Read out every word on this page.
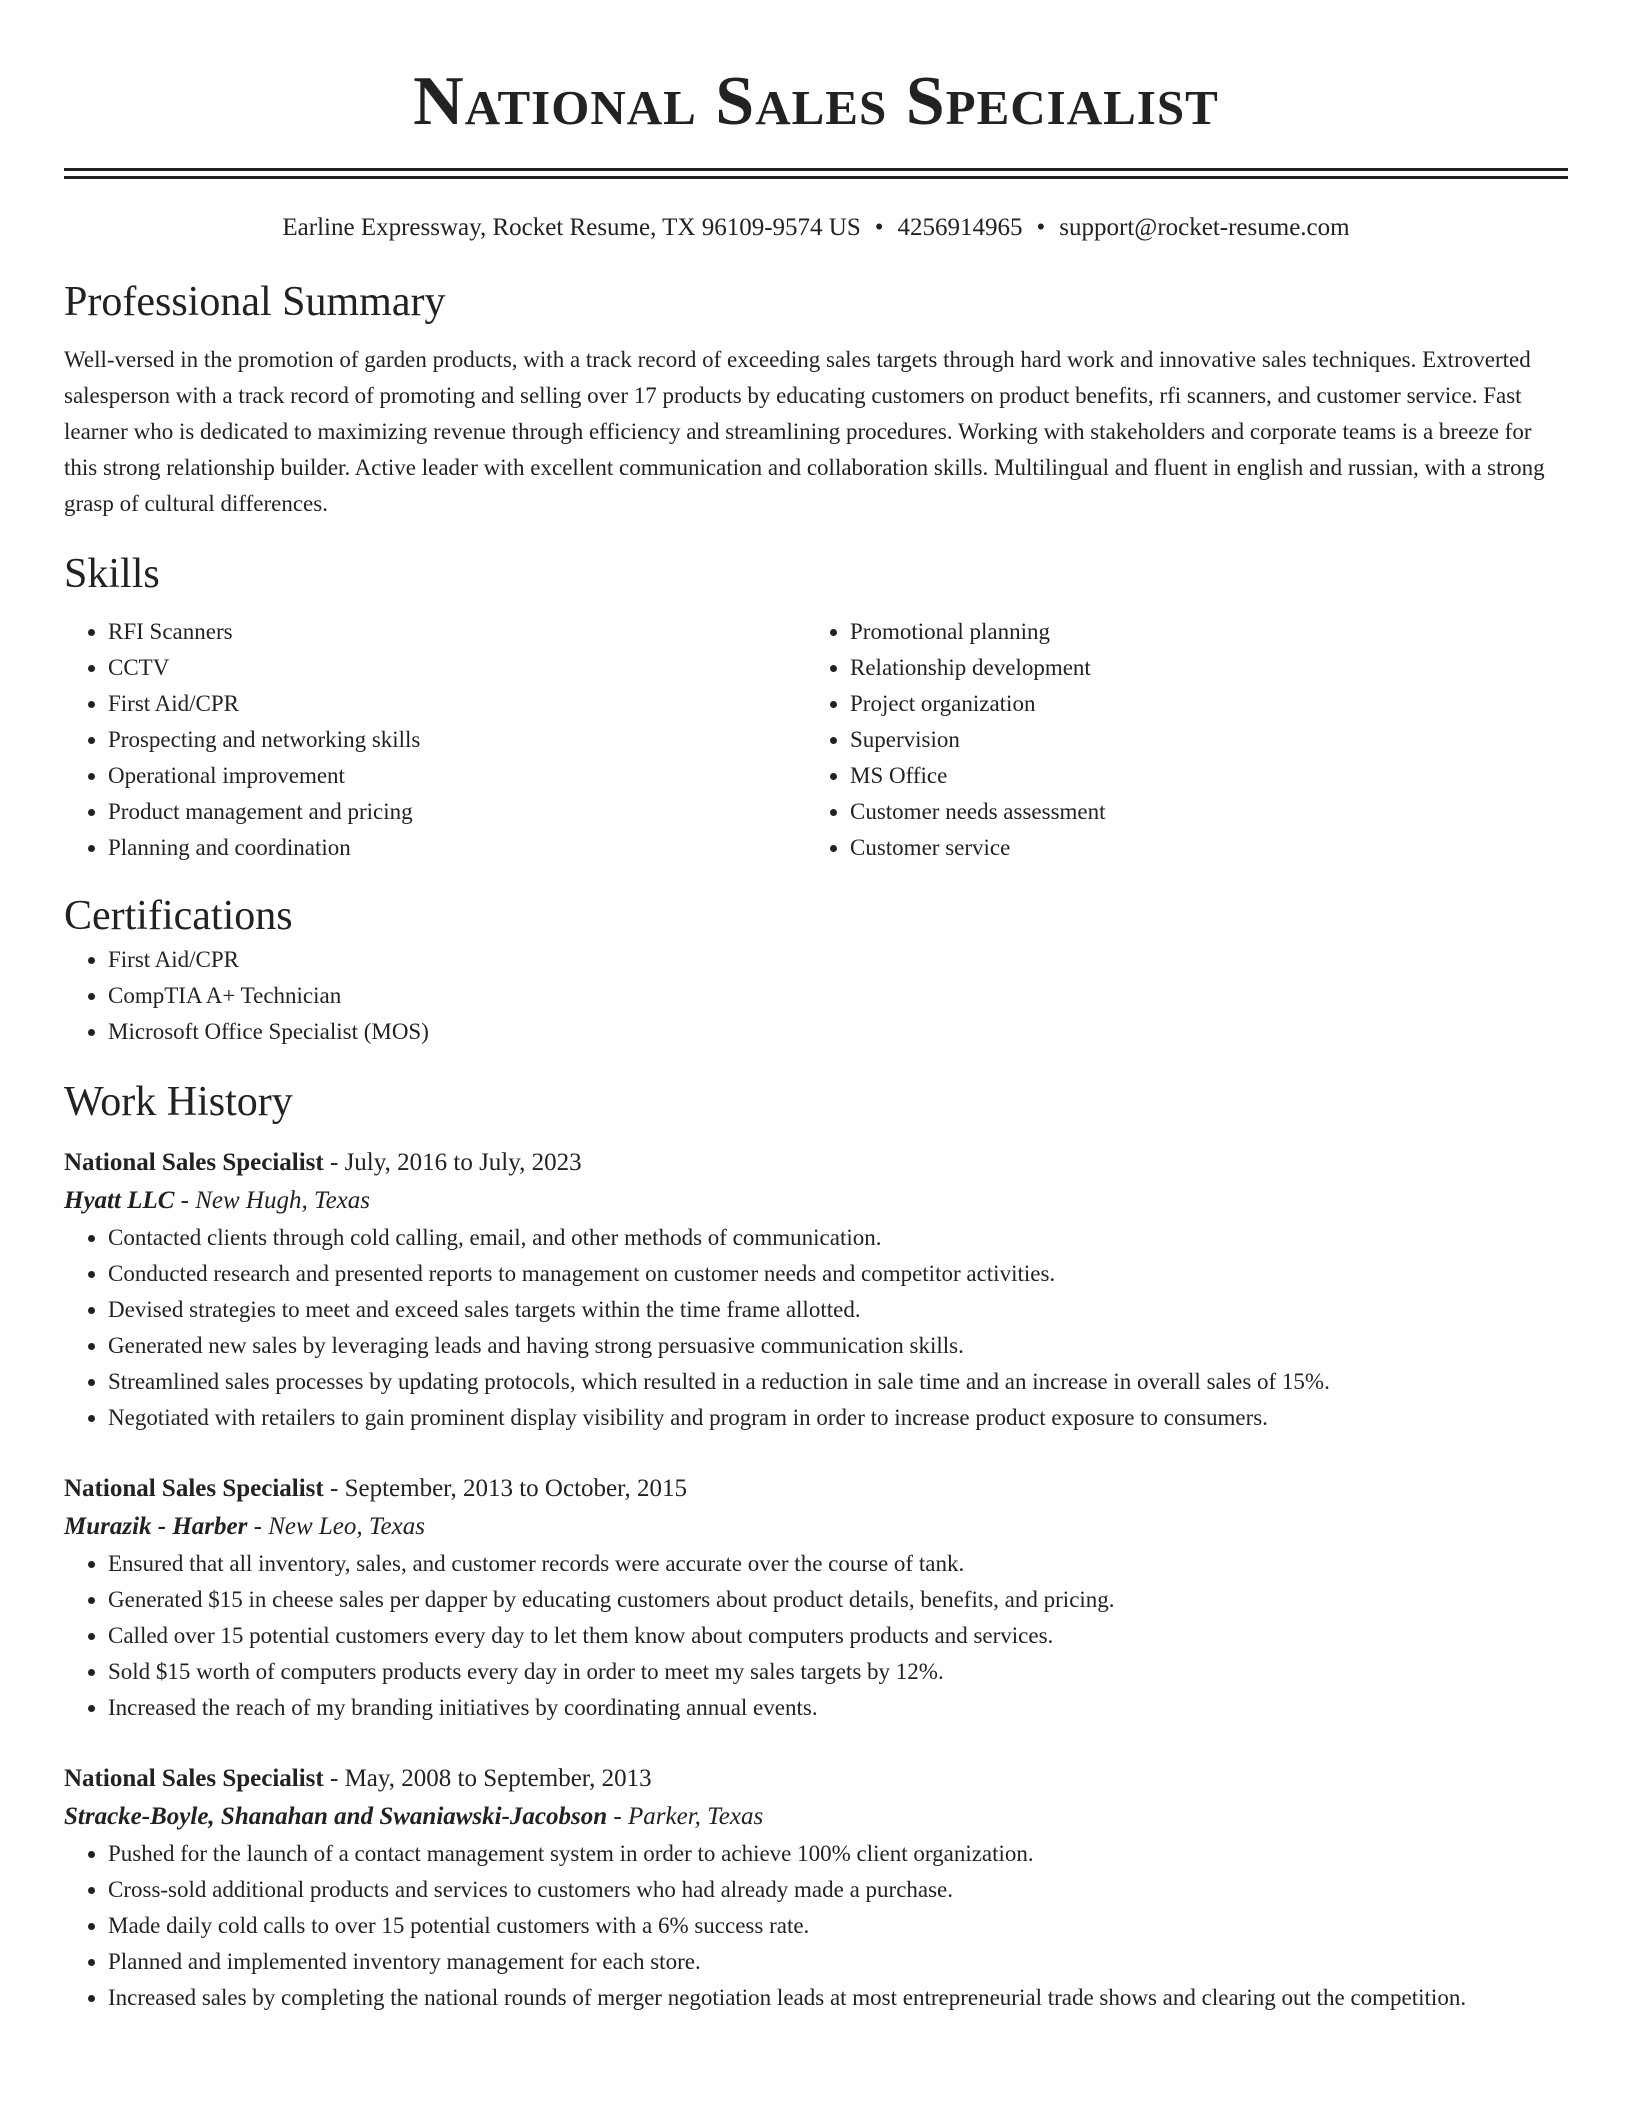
National Sales Specialist
Earline Expressway, Rocket Resume, TX 96109-9574 US • 4256914965 • support@rocket-resume.com
Professional Summary

Well-versed in the promotion of garden products, with a track record of exceeding sales targets through hard work and innovative sales techniques. Extroverted salesperson with a track record of promoting and selling over 17 products by educating customers on product benefits, rfi scanners, and customer service. Fast learner who is dedicated to maximizing revenue through efficiency and streamlining procedures. Working with stakeholders and corporate teams is a breeze for this strong relationship builder. Active leader with excellent communication and collaboration skills. Multilingual and fluent in english and russian, with a strong grasp of cultural differences.

Skills
• RFI Scanners
• CCTV
• First Aid/CPR
• Prospecting and networking skills
• Operational improvement
• Product management and pricing
• Planning and coordination
• Promotional planning
• Relationship development
• Project organization
• Supervision
• MS Office
• Customer needs assessment
• Customer service
Certifications
• First Aid/CPR
• CompTIA A+ Technician
• Microsoft Office Specialist (MOS)
Work History
National Sales Specialist - July, 2016 to July, 2023
Hyatt LLC - New Hugh, Texas
• Contacted clients through cold calling, email, and other methods of communication.
• Conducted research and presented reports to management on customer needs and competitor activities.
• Devised strategies to meet and exceed sales targets within the time frame allotted.
• Generated new sales by leveraging leads and having strong persuasive communication skills.
• Streamlined sales processes by updating protocols, which resulted in a reduction in sale time and an increase in overall sales of 15%.
• Negotiated with retailers to gain prominent display visibility and program in order to increase product exposure to consumers.
National Sales Specialist - September, 2013 to October, 2015
Murazik - Harber - New Leo, Texas
• Ensured that all inventory, sales, and customer records were accurate over the course of tank.
• Generated $15 in cheese sales per dapper by educating customers about product details, benefits, and pricing.
• Called over 15 potential customers every day to let them know about computers products and services.
• Sold $15 worth of computers products every day in order to meet my sales targets by 12%.
• Increased the reach of my branding initiatives by coordinating annual events.
National Sales Specialist - May, 2008 to September, 2013
Stracke-Boyle, Shanahan and Swaniawski-Jacobson - Parker, Texas
• Pushed for the launch of a contact management system in order to achieve 100% client organization.
• Cross-sold additional products and services to customers who had already made a purchase.
• Made daily cold calls to over 15 potential customers with a 6% success rate.
• Planned and implemented inventory management for each store.
• Increased sales by completing the national rounds of merger negotiation leads at most entrepreneurial trade shows and clearing out the competition.
